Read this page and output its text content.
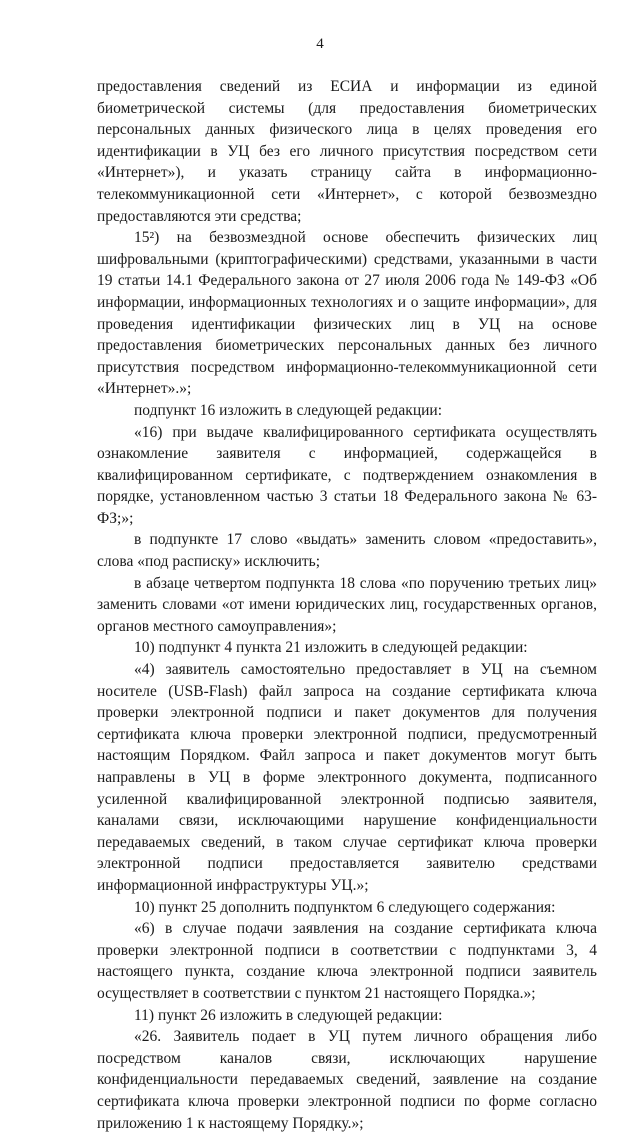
4

предоставления сведений из ЕСИА и информации из единой биометрической системы (для предоставления биометрических персональных данных физического лица в целях проведения его идентификации в УЦ без его личного присутствия посредством сети «Интернет»), и указать страницу сайта в информационно-телекоммуникационной сети «Интернет», с которой безвозмездно предоставляются эти средства;

15²) на безвозмездной основе обеспечить физических лиц шифровальными (криптографическими) средствами, указанными в части 19 статьи 14.1 Федерального закона от 27 июля 2006 года № 149-ФЗ «Об информации, информационных технологиях и о защите информации», для проведения идентификации физических лиц в УЦ на основе предоставления биометрических персональных данных без личного присутствия посредством информационно-телекоммуникационной сети «Интернет».»;

подпункт 16 изложить в следующей редакции:

«16) при выдаче квалифицированного сертификата осуществлять ознакомление заявителя с информацией, содержащейся в квалифицированном сертификате, с подтверждением ознакомления в порядке, установленном частью 3 статьи 18 Федерального закона № 63-ФЗ;»;

в подпункте 17 слово «выдать» заменить словом «предоставить», слова «под расписку» исключить;

в абзаце четвертом подпункта 18 слова «по поручению третьих лиц» заменить словами «от имени юридических лиц, государственных органов, органов местного самоуправления»;

10) подпункт 4 пункта 21 изложить в следующей редакции:

«4) заявитель самостоятельно предоставляет в УЦ на съемном носителе (USB-Flash) файл запроса на создание сертификата ключа проверки электронной подписи и пакет документов для получения сертификата ключа проверки электронной подписи, предусмотренный настоящим Порядком. Файл запроса и пакет документов могут быть направлены в УЦ в форме электронного документа, подписанного усиленной квалифицированной электронной подписью заявителя, каналами связи, исключающими нарушение конфиденциальности передаваемых сведений, в таком случае сертификат ключа проверки электронной подписи предоставляется заявителю средствами информационной инфраструктуры УЦ.»;

10) пункт 25 дополнить подпунктом 6 следующего содержания:

«6) в случае подачи заявления на создание сертификата ключа проверки электронной подписи в соответствии с подпунктами 3, 4 настоящего пункта, создание ключа электронной подписи заявитель осуществляет в соответствии с пунктом 21 настоящего Порядка.»;

11) пункт 26 изложить в следующей редакции:

«26. Заявитель подает в УЦ путем личного обращения либо посредством каналов связи, исключающих нарушение конфиденциальности передаваемых сведений, заявление на создание сертификата ключа проверки электронной подписи по форме согласно приложению 1 к настоящему Порядку.»;
